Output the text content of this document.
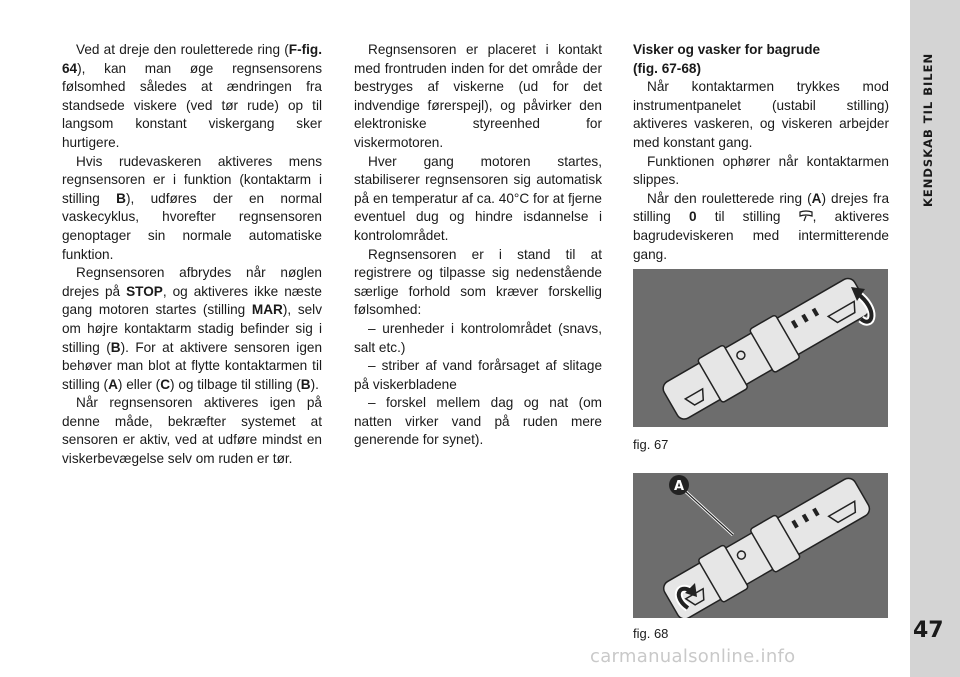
Ved at dreje den rouletterede ring (F-fig. 64), kan man øge regnsensorens følsomhed således at ændringen fra standsede viskere (ved tør rude) op til langsom konstant viskergang sker hurtigere.

Hvis rudevaskeren aktiveres mens regnsensoren er i funktion (kontaktarm i stilling B), udføres der en normal vaskecyklus, hvorefter regnsensoren genoptager sin normale automatiske funktion.

Regnsensoren afbrydes når nøglen drejes på STOP, og aktiveres ikke næste gang motoren startes (stilling MAR), selv om højre kontaktarm stadig befinder sig i stilling (B). For at aktivere sensoren igen behøver man blot at flytte kontaktarmen til stilling (A) eller (C) og tilbage til stilling (B).

Når regnsensoren aktiveres igen på denne måde, bekræfter systemet at sensoren er aktiv, ved at udføre mindst en viskerbevægelse selv om ruden er tør.

Regnsensoren er placeret i kontakt med frontruden inden for det område der bestryges af viskerne (ud for det indvendige førerspejl), og påvirker den elektroniske styreenhed for viskermotoren.

Hver gang motoren startes, stabiliserer regnsensoren sig automatisk på en temperatur af ca. 40°C for at fjerne eventuel dug og hindre isdannelse i kontrolområdet.

Regnsensoren er i stand til at registrere og tilpasse sig nedenstående særlige forhold som kræver forskellig følsomhed:

– urenheder i kontrolområdet (snavs, salt etc.)

– striber af vand forårsaget af slitage på viskerbladene

– forskel mellem dag og nat (om natten virker vand på ruden mere generende for synet).

Visker og vasker for bagrude
(fig. 67-68)

Når kontaktarmen trykkes mod instrumentpanelet (ustabil stilling) aktiveres vaskeren, og viskeren arbejder med konstant gang.

Funktionen ophører når kontaktarmen slippes.

Når den rouletterede ring (A) drejes fra stilling 0 til stilling , aktiveres bagrudeviskeren med intermitterende gang.

fig. 67
A
fig. 68
KENDSKAB TIL BILEN
47
carmanualsonline.info
